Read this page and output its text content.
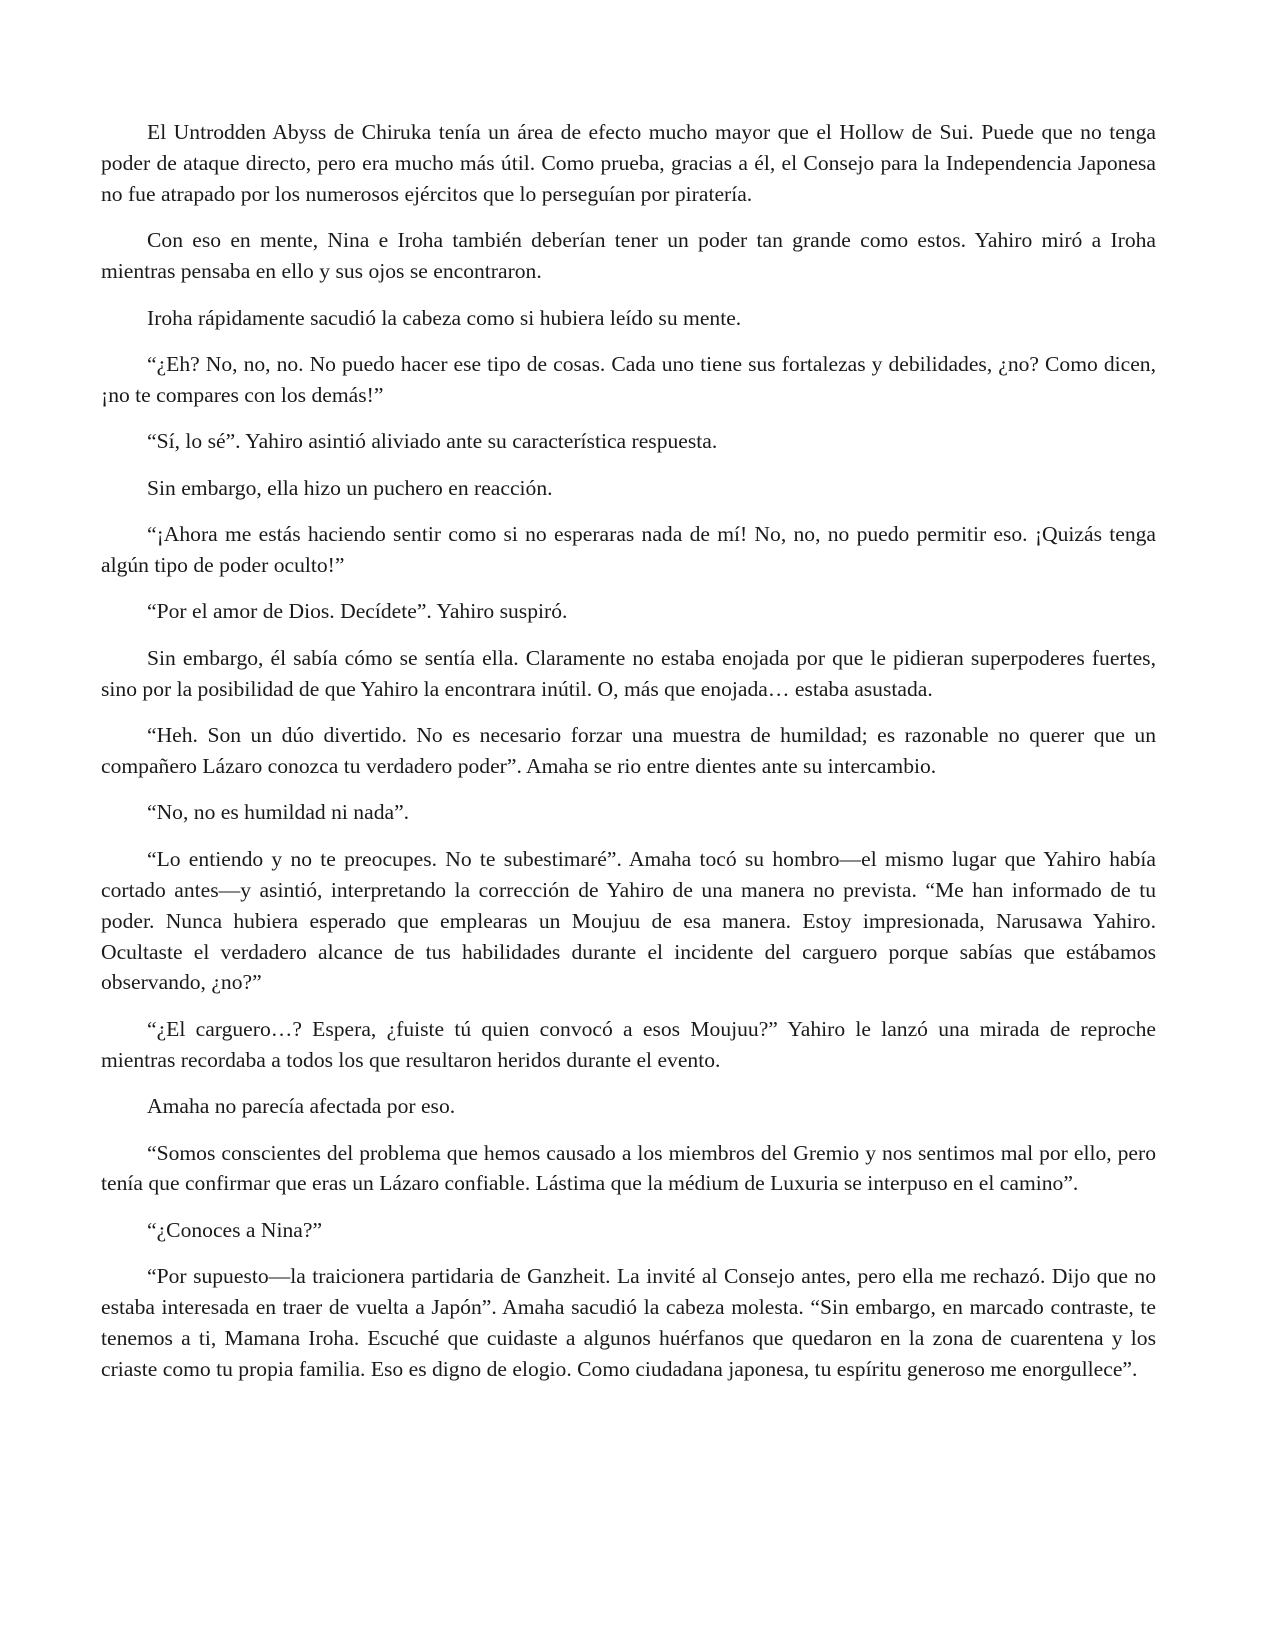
El Untrodden Abyss de Chiruka tenía un área de efecto mucho mayor que el Hollow de Sui. Puede que no tenga poder de ataque directo, pero era mucho más útil. Como prueba, gracias a él, el Consejo para la Independencia Japonesa no fue atrapado por los numerosos ejércitos que lo perseguían por piratería.

Con eso en mente, Nina e Iroha también deberían tener un poder tan grande como estos. Yahiro miró a Iroha mientras pensaba en ello y sus ojos se encontraron.

Iroha rápidamente sacudió la cabeza como si hubiera leído su mente.

“¿Eh? No, no, no. No puedo hacer ese tipo de cosas. Cada uno tiene sus fortalezas y debilidades, ¿no? Como dicen, ¡no te compares con los demás!”

“Sí, lo sé”. Yahiro asintió aliviado ante su característica respuesta.

Sin embargo, ella hizo un puchero en reacción.

“¡Ahora me estás haciendo sentir como si no esperaras nada de mí! No, no, no puedo permitir eso. ¡Quizás tenga algún tipo de poder oculto!”

“Por el amor de Dios. Decídete”. Yahiro suspiró.

Sin embargo, él sabía cómo se sentía ella. Claramente no estaba enojada por que le pidieran superpoderes fuertes, sino por la posibilidad de que Yahiro la encontrara inútil. O, más que enojada… estaba asustada.

“Heh. Son un dúo divertido. No es necesario forzar una muestra de humildad; es razonable no querer que un compañero Lázaro conozca tu verdadero poder”. Amaha se rio entre dientes ante su intercambio.

“No, no es humildad ni nada”.

“Lo entiendo y no te preocupes. No te subestimaré”. Amaha tocó su hombro—el mismo lugar que Yahiro había cortado antes—y asintió, interpretando la corrección de Yahiro de una manera no prevista. “Me han informado de tu poder. Nunca hubiera esperado que emplearas un Moujuu de esa manera. Estoy impresionada, Narusawa Yahiro. Ocultaste el verdadero alcance de tus habilidades durante el incidente del carguero porque sabías que estábamos observando, ¿no?”

“¿El carguero…? Espera, ¿fuiste tú quien convocó a esos Moujuu?” Yahiro le lanzó una mirada de reproche mientras recordaba a todos los que resultaron heridos durante el evento.

Amaha no parecía afectada por eso.

“Somos conscientes del problema que hemos causado a los miembros del Gremio y nos sentimos mal por ello, pero tenía que confirmar que eras un Lázaro confiable. Lástima que la médium de Luxuria se interpuso en el camino”.

“¿Conoces a Nina?”

“Por supuesto—la traicionera partidaria de Ganzheit. La invité al Consejo antes, pero ella me rechazó. Dijo que no estaba interesada en traer de vuelta a Japón”. Amaha sacudió la cabeza molesta. “Sin embargo, en marcado contraste, te tenemos a ti, Mamana Iroha. Escuché que cuidaste a algunos huérfanos que quedaron en la zona de cuarentena y los criaste como tu propia familia. Eso es digno de elogio. Como ciudadana japonesa, tu espíritu generoso me enorgullece”.
